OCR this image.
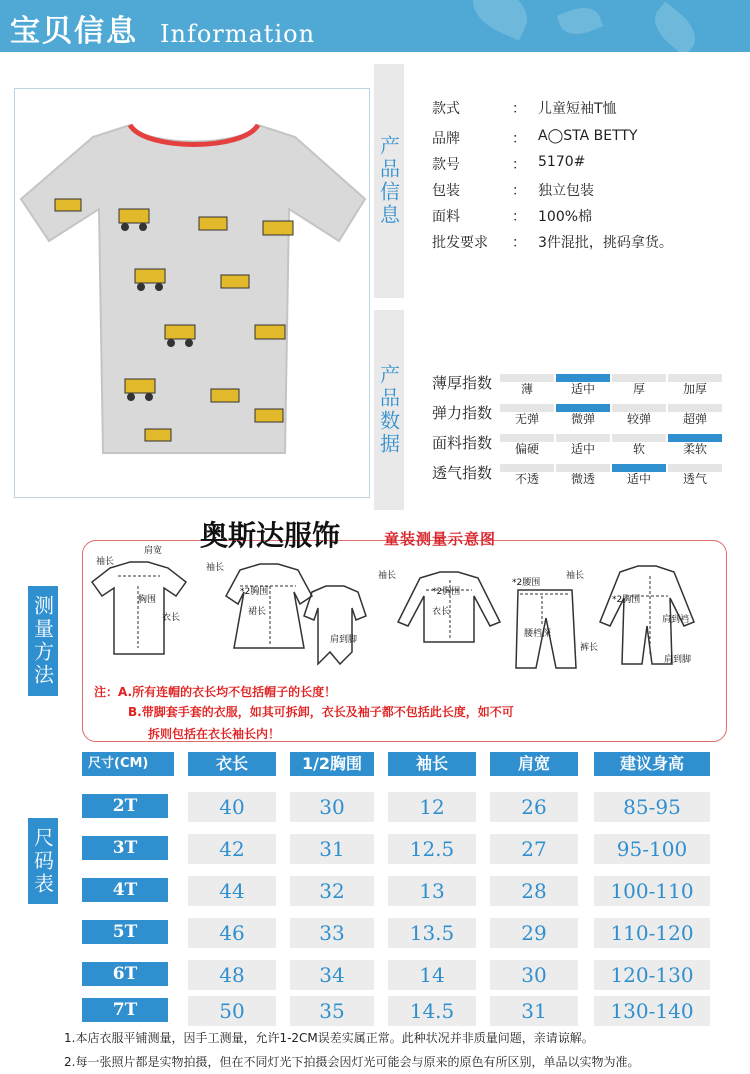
宝贝信息 Information
产品信息
款式	： 儿童短袖T恤
品牌	： A◯STA BETTY
款号	： 5170#
包装	： 独立包装
面料	： 100%棉
批发要求 ： 3件混批，挑码拿货。
产品数据 薄厚指数	薄	适中	厚	加厚
弹力指数	无弹	微弹	较弹	超弹
面料指数	偏硬	适中	软	柔软
透气指数	不透	微透	适中	透气
测量方法
奥斯达服饰	童装测量示意图
袖长
肩宽
胸围
衣长
袖长
*2胸围
裙长
肩到脚
袖长
*2胸围
衣长
*2腰围
腰档深
裤长
袖长
*2胸围
肩到裆
肩到脚
注：A.所有连帽的衣长均不包括帽子的长度！
B.带脚套手套的衣服，如其可拆卸，衣长及袖子都不包括此长度，如不可
拆则包括在衣长袖长内！
尺码表
尺寸(CM)	衣长	1/2胸围	袖长	肩宽	建议身高
2T	40	30	12	26	85-95
3T	42	31	12.5	27	95-100
4T	44	32	13	28	100-110
5T	46	33	13.5	29	110-120
6T	48	34	14	30	120-130
7T	50	35	14.5	31	130-140
1.本店衣服平铺测量，因手工测量，允许1-2CM误差实属正常。此种状况并非质量问题，亲请谅解。
2.每一张照片都是实物拍摄，但在不同灯光下拍摄会因灯光可能会与原来的原色有所区别，单品以实物为准。
